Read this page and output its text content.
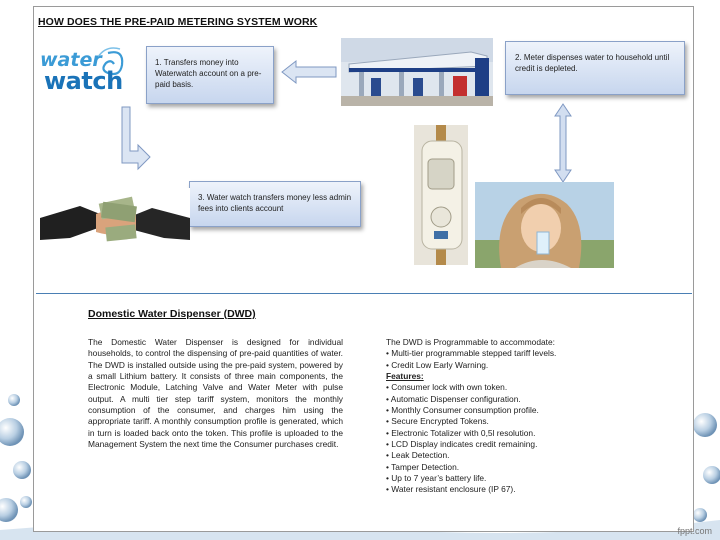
HOW DOES THE PRE-PAID METERING SYSTEM WORK
water
watch
1. Transfers money into Waterwatch account on a pre-paid basis.
2. Meter dispenses water to household until credit is depleted.
3. Water watch transfers money less admin fees into clients account
Domestic Water Dispenser (DWD)
The Domestic Water Dispenser is designed for individual households, to control the dispensing of pre-paid quantities of water. The DWD is installed outside using the pre-paid system, powered by a small Lithium battery. It consists of three main components, the Electronic Module, Latching Valve and Water Meter with pulse output. A multi tier step tariff system, monitors the monthly consumption of the consumer, and charges him using the appropriate tariff. A monthly consumption profile is generated, which in turn is loaded back onto the token. This profile is uploaded to the Management System the next time the Consumer purchases credit.
The DWD is Programmable to accommodate:
• Multi-tier programmable stepped tariff levels.
• Credit Low Early Warning.
Features:
• Consumer lock with own token.
• Automatic Dispenser configuration.
• Monthly Consumer consumption profile.
• Secure Encrypted Tokens.
• Electronic Totalizer with 0,5l resolution.
• LCD Display indicates credit remaining.
• Leak Detection.
• Tamper Detection.
• Up to 7 year’s battery life.
• Water resistant enclosure (IP 67).
fppt.com
